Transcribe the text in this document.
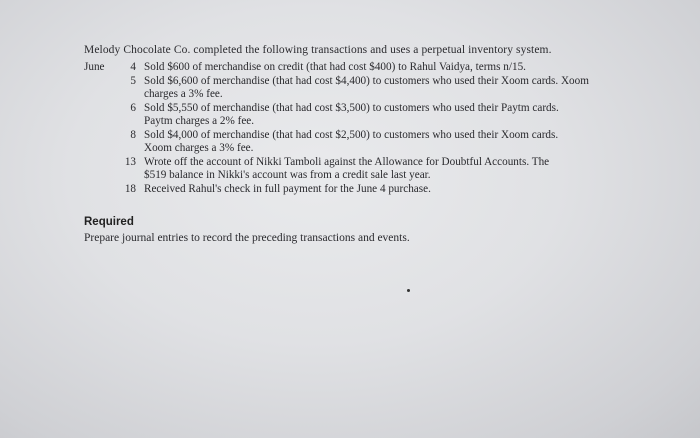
Melody Chocolate Co. completed the following transactions and uses a perpetual inventory system.
June	4 Sold $600 of merchandise on credit (that had cost $400) to Rahul Vaidya, terms n/15.
5 Sold $6,600 of merchandise (that had cost $4,400) to customers who used their Xoom cards. Xoom
charges a 3% fee.
6 Sold $5,550 of merchandise (that had cost $3,500) to customers who used their Paytm cards.
Paytm charges a 2% fee.
8 Sold $4,000 of merchandise (that had cost $2,500) to customers who used their Xoom cards.
Xoom charges a 3% fee.
13 Wrote off the account of Nikki Tamboli against the Allowance for Doubtful Accounts. The
$519 balance in Nikki's account was from a credit sale last year.
18 Received Rahul's check in full payment for the June 4 purchase.
Required
Prepare journal entries to record the preceding transactions and events.
